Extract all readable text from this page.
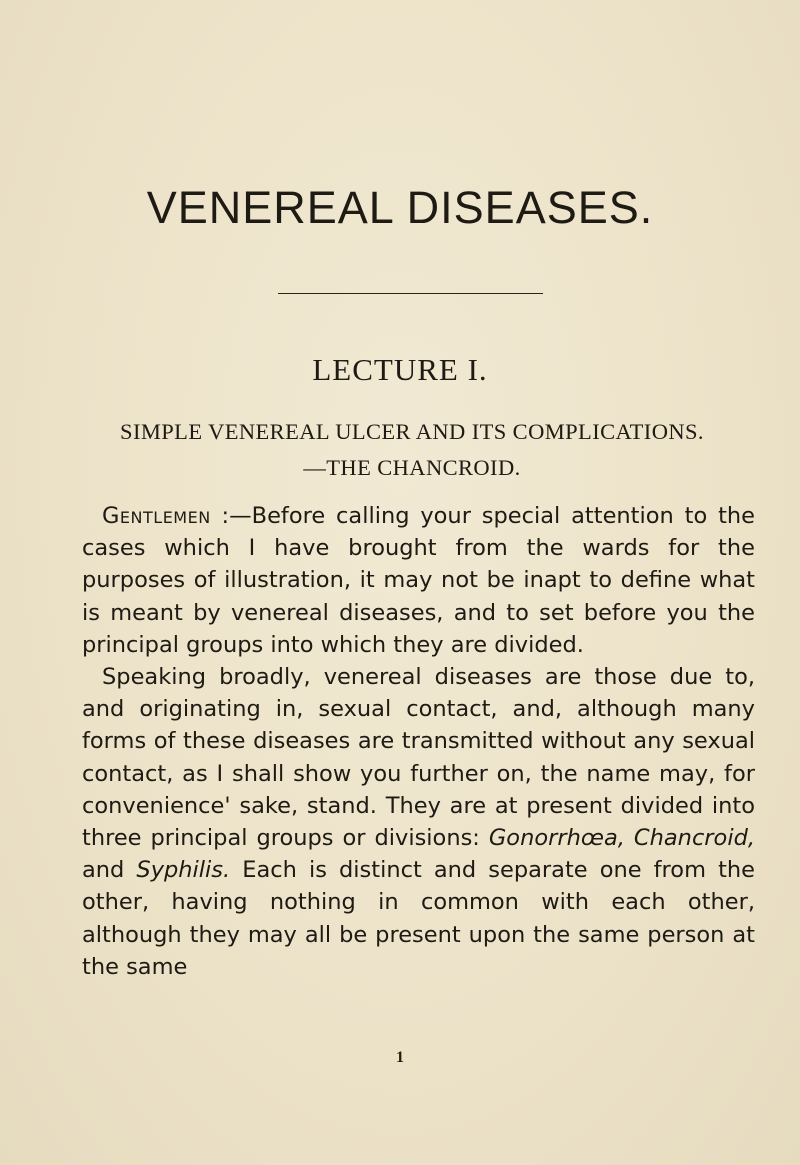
VENEREAL DISEASES.
LECTURE I.
SIMPLE VENEREAL ULCER AND ITS COMPLICATIONS.
—THE CHANCROID.

Gentlemen :—Before calling your special attention to the cases which I have brought from the wards for the purposes of illustration, it may not be inapt to define what is meant by venereal diseases, and to set before you the principal groups into which they are divided.

Speaking broadly, venereal diseases are those due to, and originating in, sexual contact, and, although many forms of these diseases are transmitted without any sexual contact, as I shall show you further on, the name may, for convenience' sake, stand. They are at present divided into three principal groups or divisions: Gonorrhœa, Chancroid, and Syphilis. Each is distinct and separate one from the other, having nothing in common with each other, although they may all be present upon the same person at the same

1
